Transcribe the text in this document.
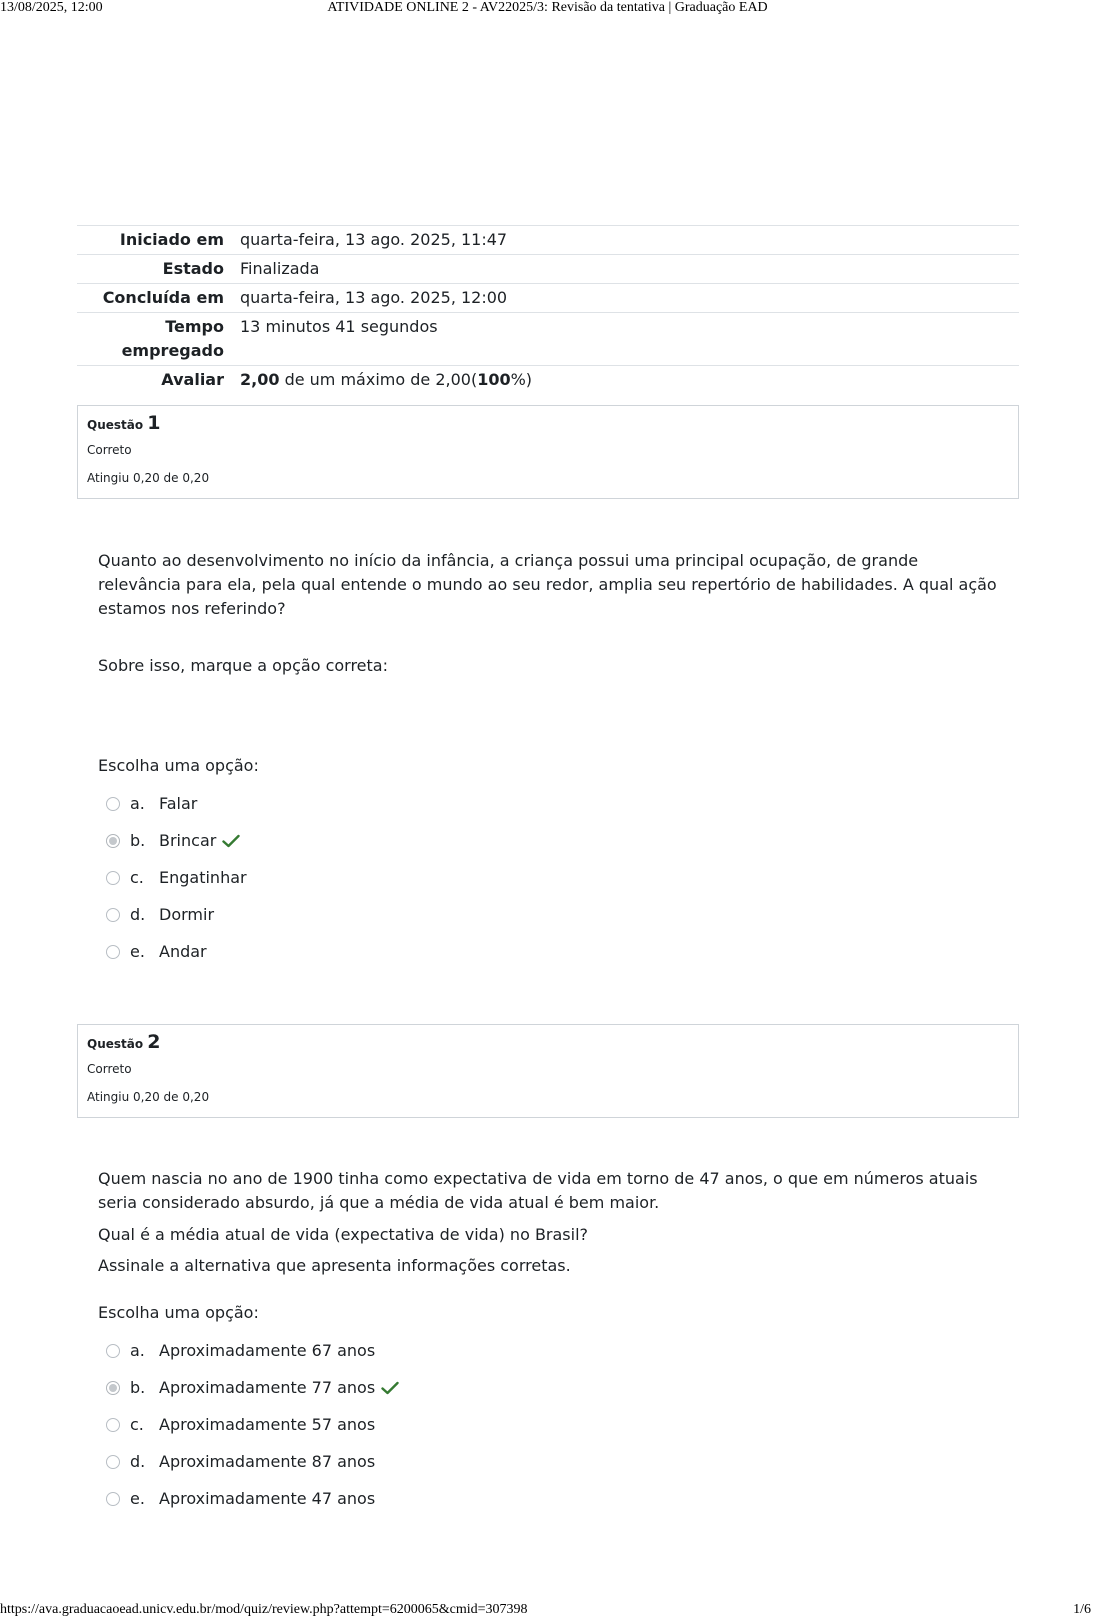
13/08/2025, 12:00	ATIVIDADE ONLINE 2 - AV22025/3: Revisão da tentativa | Graduação EAD
Iniciado em	quarta-feira, 13 ago. 2025, 11:47
Estado	Finalizada
Concluída em	quarta-feira, 13 ago. 2025, 12:00
Tempo
empregado	13 minutos 41 segundos
Avaliar	2,00 de um máximo de 2,00(100%)
Questão 1
Correto
Atingiu 0,20 de 0,20

Quanto ao desenvolvimento no início da infância, a criança possui uma principal ocupação, de grande relevância para ela, pela qual entende o mundo ao seu redor, amplia seu repertório de habilidades. A qual ação estamos nos referindo?

Sobre isso, marque a opção correta:

Escolha uma opção:
a. Falar
b. Brincar
c. Engatinhar
d. Dormir
e. Andar
Questão 2
Correto
Atingiu 0,20 de 0,20

Quem nascia no ano de 1900 tinha como expectativa de vida em torno de 47 anos, o que em números atuais seria considerado absurdo, já que a média de vida atual é bem maior.

Qual é a média atual de vida (expectativa de vida) no Brasil?

Assinale a alternativa que apresenta informações corretas.

Escolha uma opção:
a. Aproximadamente 67 anos
b. Aproximadamente 77 anos
c. Aproximadamente 57 anos
d. Aproximadamente 87 anos
e. Aproximadamente 47 anos
https://ava.graduacaoead.unicv.edu.br/mod/quiz/review.php?attempt=6200065&cmid=307398	1/6
